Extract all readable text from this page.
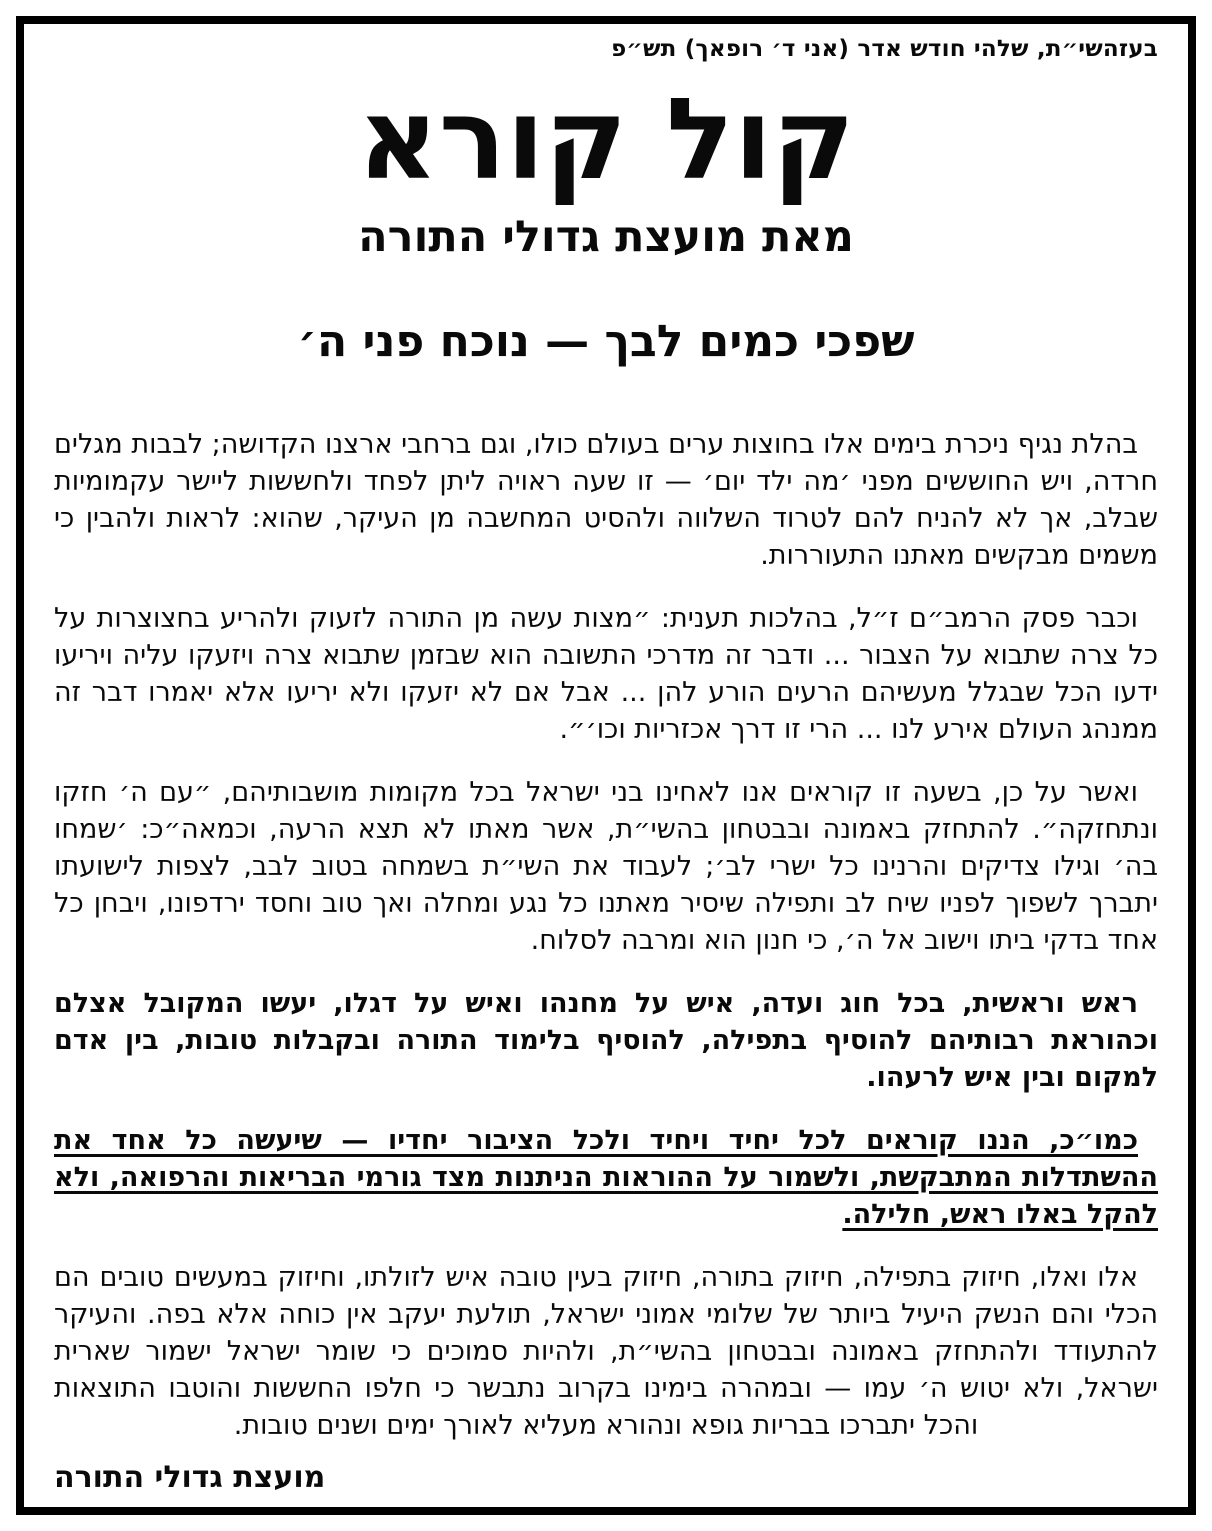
בעזהשי״ת, שלהי חודש אדר (אני ד׳ רופאך) תש״פ
קול קורא
מאת מועצת גדולי התורה
שפכי כמים לבך — נוכח פני ה׳

בהלת נגיף ניכרת בימים אלו בחוצות ערים בעולם כולו, וגם ברחבי ארצנו הקדושה; לבבות מגלים חרדה, ויש החוששים מפני ׳מה ילד יום׳ — זו שעה ראויה ליתן לפחד ולחששות ליישר עקמומיות שבלב, אך לא להניח להם לטרוד השלווה ולהסיט המחשבה מן העיקר, שהוא: לראות ולהבין כי משמים מבקשים מאתנו התעוררות.

וכבר פסק הרמב״ם ז״ל, בהלכות תענית: ״מצות עשה מן התורה לזעוק ולהריע בחצוצרות על כל צרה שתבוא על הצבור ... ודבר זה מדרכי התשובה הוא שבזמן שתבוא צרה ויזעקו עליה ויריעו ידעו הכל שבגלל מעשיהם הרעים הורע להן ... אבל אם לא יזעקו ולא יריעו אלא יאמרו דבר זה ממנהג העולם אירע לנו ... הרי זו דרך אכזריות וכו׳״.

ואשר על כן, בשעה זו קוראים אנו לאחינו בני ישראל בכל מקומות מושבותיהם, ״עם ה׳ חזקו ונתחזקה״. להתחזק באמונה ובבטחון בהשי״ת, אשר מאתו לא תצא הרעה, וכמאה״כ: ׳שמחו בה׳ וגילו צדיקים והרנינו כל ישרי לב׳; לעבוד את השי״ת בשמחה בטוב לבב, לצפות לישועתו יתברך לשפוך לפניו שיח לב ותפילה שיסיר מאתנו כל נגע ומחלה ואך טוב וחסד ירדפונו, ויבחן כל אחד בדקי ביתו וישוב אל ה׳, כי חנון הוא ומרבה לסלוח.

ראש וראשית, בכל חוג ועדה, איש על מחנהו ואיש על דגלו, יעשו המקובל אצלם וכהוראת רבותיהם להוסיף בתפילה, להוסיף בלימוד התורה ובקבלות טובות, בין אדם למקום ובין איש לרעהו.

כמו״כ, הננו קוראים לכל יחיד ויחיד ולכל הציבור יחדיו — שיעשה כל אחד את ההשתדלות המתבקשת, ולשמור על ההוראות הניתנות מצד גורמי הבריאות והרפואה, ולא להקל באלו ראש, חלילה.

אלו ואלו, חיזוק בתפילה, חיזוק בתורה, חיזוק בעין טובה איש לזולתו, וחיזוק במעשים טובים הם הכלי והם הנשק היעיל ביותר של שלומי אמוני ישראל, תולעת יעקב אין כוחה אלא בפה. והעיקר להתעודד ולהתחזק באמונה ובבטחון בהשי״ת, ולהיות סמוכים כי שומר ישראל ישמור שארית ישראל, ולא יטוש ה׳ עמו — ובמהרה בימינו בקרוב נתבשר כי חלפו החששות והוטבו התוצאות והכל יתברכו בבריות גופא ונהורא מעליא לאורך ימים ושנים טובות.

מועצת גדולי התורה
